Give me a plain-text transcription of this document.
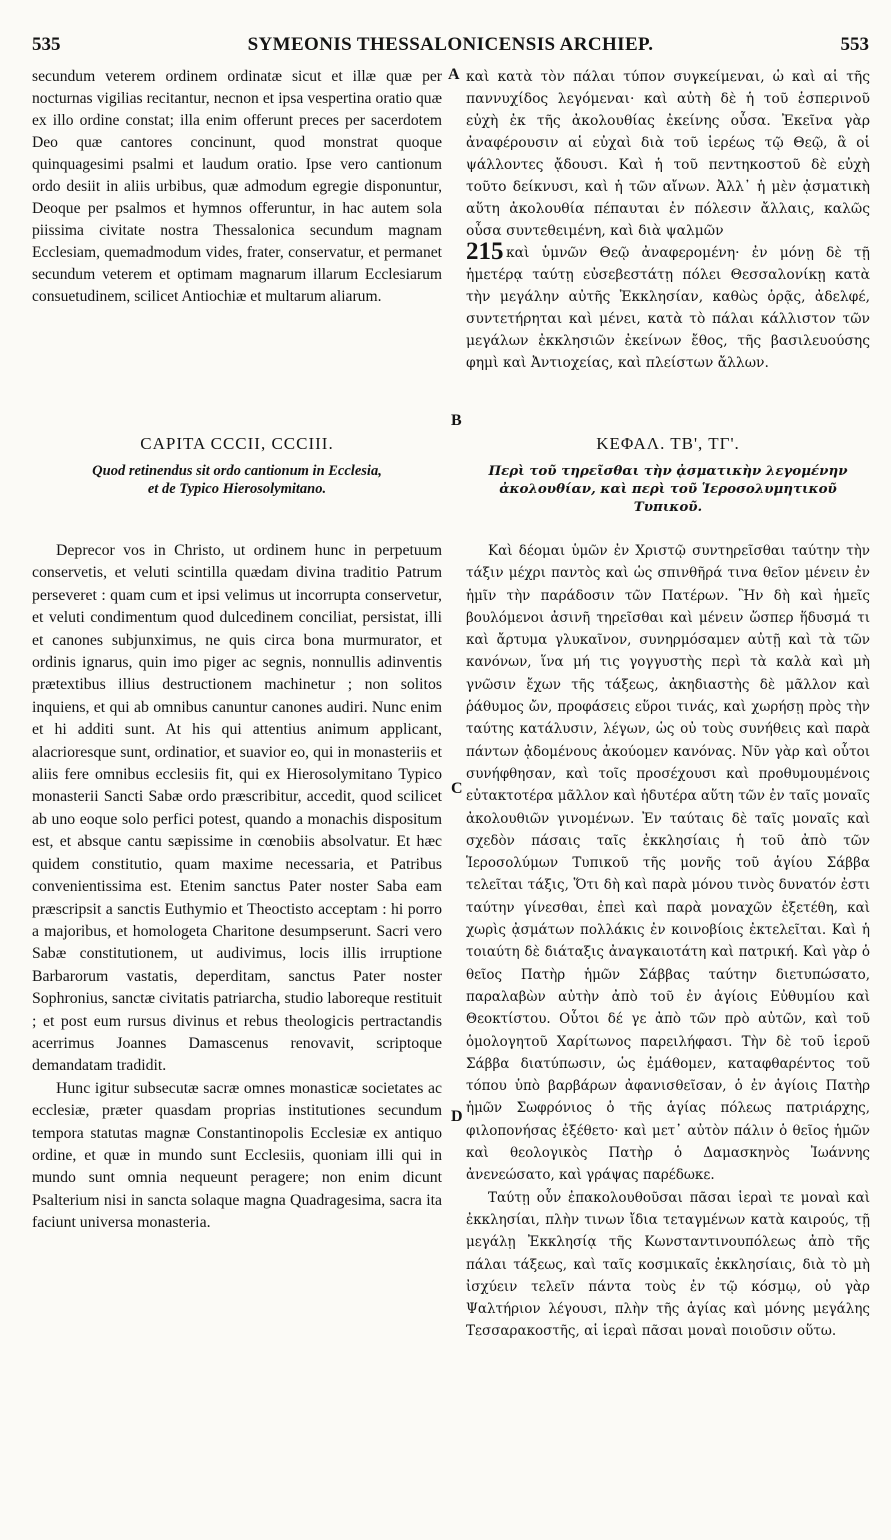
535	SYMEONIS THESSALONICENSIS ARCHIEP.	553

secundum veterem ordinem ordinatæ sicut et illæ quæ per nocturnas vigilias recitantur, necnon et ipsa vespertina oratio quæ ex illo ordine constat; illa enim offerunt preces per sacerdotem Deo quæ cantores concinunt, quod monstrat quoque quinquagesimi psalmi et laudum oratio. Ipse vero cantionum ordo desiit in aliis urbibus, quæ admodum egregie disponuntur, Deoque per psalmos et hymnos offeruntur, in hac autem sola piissima civitate nostra Thessalonica secundum magnam Ecclesiam, quemadmodum vides, frater, conservatur, et permanet secundum veterem et optimam magnarum illarum Ecclesiarum consuetudinem, scilicet Antiochiæ et multarum aliarum.

καὶ κατὰ τὸν πάλαι τύπον συγκείμεναι, ὡ καὶ αἱ τῆς παννυχίδος λεγόμεναι· καὶ αὐτὴ δὲ ἡ τοῦ ἑσπερινοῦ εὐχὴ ἐκ τῆς ἀκολουθίας ἐκείνης οὖσα. Ἐκεῖνα γὰρ ἀναφέρουσιν αἱ εὐχαὶ διὰ τοῦ ἱερέως τῷ Θεῷ, ἃ οἱ ψάλλοντες ᾄδουσι. Καὶ ἡ τοῦ πεντηκοστοῦ δὲ εὐχὴ τοῦτο δείκνυσι, καὶ ἡ τῶν αἴνων. Ἀλλ᾽ ἡ μὲν ᾀσματικὴ αὕτη ἀκολουθία πέπαυται ἐν πόλεσιν ἄλλαις, καλῶς οὖσα συντεθειμένη, καὶ διὰ ψαλμῶν

καὶ ὑμνῶν Θεῷ ἀναφερομένη· ἐν μόνῃ δὲ τῇ ἡμετέρᾳ ταύτῃ εὐσεβεστάτῃ πόλει Θεσσαλονίκῃ κατὰ τὴν μεγάλην αὐτῆς Ἐκκλησίαν, καθὼς ὁρᾷς, ἀδελφέ, συντετήρηται καὶ μένει, κατὰ τὸ πάλαι κάλλιστον τῶν μεγάλων ἐκκλησιῶν ἐκείνων ἔθος, τῆς βασιλευούσης φημὶ καὶ Ἀντιοχείας, καὶ πλείστων ἄλλων.

215
A
B
C
D
CAPITA CCCII, CCCIII.
Quod retinendus sit ordo cantionum in Ecclesia,
et de Typico Hierosolymitano.
ΚΕΦΑΛ. ΤΒ', ΤΓ'.
Περὶ τοῦ τηρεῖσθαι τὴν ᾀσματικὴν λεγομένην
ἀκολουθίαν, καὶ περὶ τοῦ Ἱεροσολυμητικοῦ
Τυπικοῦ.

Deprecor vos in Christo, ut ordinem hunc in perpetuum conservetis, et veluti scintilla quædam divina traditio Patrum perseveret : quam cum et ipsi velimus ut incorrupta conservetur, et veluti condimentum quod dulcedinem conciliat, persistat, illi et canones subjunximus, ne quis circa bona murmurator, et ordinis ignarus, quin imo piger ac segnis, nonnullis adinventis prætextibus illius destructionem machinetur ; non solitos inquiens, et qui ab omnibus canuntur canones audiri. Nunc enim et hi additi sunt. At his qui attentius animum applicant, alacrioresque sunt, ordinatior, et suavior eo, qui in monasteriis et aliis fere omnibus ecclesiis fit, qui ex Hierosolymitano Typico monasterii Sancti Sabæ ordo præscribitur, accedit, quod scilicet ab uno eoque solo perfici potest, quando a monachis dispositum est, et absque cantu sæpissime in cœnobiis absolvatur. Et hæc quidem constitutio, quam maxime necessaria, et Patribus convenientissima est. Etenim sanctus Pater noster Saba eam præscripsit a sanctis Euthymio et Theoctisto acceptam : hi porro a majoribus, et homologeta Charitone desumpserunt. Sacri vero Sabæ constitutionem, ut audivimus, locis illis irruptione Barbarorum vastatis, deperditam, sanctus Pater noster Sophronius, sanctæ civitatis patriarcha, studio laboreque restituit ; et post eum rursus divinus et rebus theologicis pertractandis acerrimus Joannes Damascenus renovavit, scriptoque demandatam tradidit.

Hunc igitur subsecutæ sacræ omnes monasticæ societates ac ecclesiæ, præter quasdam proprias institutiones secundum tempora statutas magnæ Constantinopolis Ecclesiæ ex antiquo ordine, et quæ in mundo sunt Ecclesiis, quoniam illi qui in mundo sunt omnia nequeunt peragere; non enim dicunt Psalterium nisi in sancta solaque magna Quadragesima, sacra ita faciunt universa monasteria.

Καὶ δέομαι ὑμῶν ἐν Χριστῷ συντηρεῖσθαι ταύτην τὴν τάξιν μέχρι παντὸς καὶ ὡς σπινθῆρά τινα θεῖον μένειν ἐν ἡμῖν τὴν παράδοσιν τῶν Πατέρων. Ἣν δὴ καὶ ἡμεῖς βουλόμενοι ἀσινῆ τηρεῖσθαι καὶ μένειν ὥσπερ ἥδυσμά τι καὶ ἄρτυμα γλυκαῖνον, συνηρμόσαμεν αὐτῇ καὶ τὰ τῶν κανόνων, ἵνα μή τις γογγυστὴς περὶ τὰ καλὰ καὶ μὴ γνῶσιν ἔχων τῆς τάξεως, ἀκηδιαστὴς δὲ μᾶλλον καὶ ῥάθυμος ὤν, προφάσεις εὕροι τινάς, καὶ χωρήσῃ πρὸς τὴν ταύτης κατάλυσιν, λέγων, ὡς οὐ τοὺς συνήθεις καὶ παρὰ πάντων ᾀδομένους ἀκούομεν κανόνας. Νῦν γὰρ καὶ οὗτοι συνήφθησαν, καὶ τοῖς προσέχουσι καὶ προθυμουμένοις εὐτακτοτέρα μᾶλλον καὶ ἡδυτέρα αὕτη τῶν ἐν ταῖς μοναῖς ἀκολουθιῶν γινομένων. Ἐν ταύταις δὲ ταῖς μοναῖς καὶ σχεδὸν πάσαις ταῖς ἐκκλησίαις ἡ τοῦ ἀπὸ τῶν Ἱεροσολύμων Τυπικοῦ τῆς μονῆς τοῦ ἁγίου Σάββα τελεῖται τάξις, Ὅτι δὴ καὶ παρὰ μόνου τινὸς δυνατόν ἐστι ταύτην γίνεσθαι, ἐπεὶ καὶ παρὰ μοναχῶν ἐξετέθη, καὶ χωρὶς ᾀσμάτων πολλάκις ἐν κοινοβίοις ἐκτελεῖται. Καὶ ἡ τοιαύτη δὲ διάταξις ἀναγκαιοτάτη καὶ πατρική. Καὶ γὰρ ὁ θεῖος Πατὴρ ἡμῶν Σάββας ταύτην διετυπώσατο, παραλαβὼν αὐτὴν ἀπὸ τοῦ ἐν ἁγίοις Εὐθυμίου καὶ Θεοκτίστου. Οὗτοι δέ γε ἀπὸ τῶν πρὸ αὐτῶν, καὶ τοῦ ὁμολογητοῦ Χαρίτωνος παρειλήφασι. Τὴν δὲ τοῦ ἱεροῦ Σάββα διατύπωσιν, ὡς ἐμάθομεν, καταφθαρέντος τοῦ τόπου ὑπὸ βαρβάρων ἀφανισθεῖσαν, ὁ ἐν ἁγίοις Πατὴρ ἡμῶν Σωφρόνιος ὁ τῆς ἁγίας πόλεως πατριάρχης, φιλοπονήσας ἐξέθετο· καὶ μετ᾽ αὐτὸν πάλιν ὁ θεῖος ἡμῶν καὶ θεολογικὸς Πατὴρ ὁ Δαμασκηνὸς Ἰωάννης ἀνενεώσατο, καὶ γράψας παρέδωκε.

Ταύτῃ οὖν ἐπακολουθοῦσαι πᾶσαι ἱεραὶ τε μοναὶ καὶ ἐκκλησίαι, πλὴν τινων ἴδια τεταγμένων κατὰ καιρούς, τῇ μεγάλῃ Ἐκκλησίᾳ τῆς Κωνσταντινουπόλεως ἀπὸ τῆς πάλαι τάξεως, καὶ ταῖς κοσμικαῖς ἐκκλησίαις, διὰ τὸ μὴ ἰσχύειν τελεῖν πάντα τοὺς ἐν τῷ κόσμῳ, οὐ γὰρ Ψαλτήριον λέγουσι, πλὴν τῆς ἁγίας καὶ μόνης μεγάλης Τεσσαρακοστῆς, αἱ ἱεραὶ πᾶσαι μοναὶ ποιοῦσιν οὕτω.
